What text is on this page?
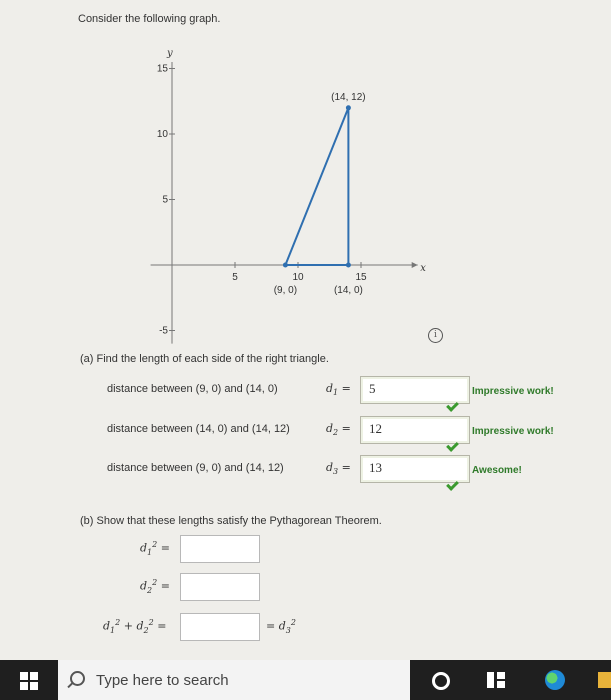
Consider the following graph.
x
y
5	10	15
-5
5
10
15
(14, 12)
(9, 0)	(14, 0)
i
(a) Find the length of each side of the right triangle.
distance between (9, 0) and (14, 0)	$d_1 = 5$	Impressive work!
distance between (14, 0) and (14, 12)	$d_2 = 12$	Impressive work!
distance between (9, 0) and (14, 12)	$d_3 = 13$	Awesome!
(b) Show that these lengths satisfy the Pythagorean Theorem.
$d_1^2$ =
$d_2^2$ =
$d_1^2 + d_2^2$ =	= $d_3^2$
Type here to search
